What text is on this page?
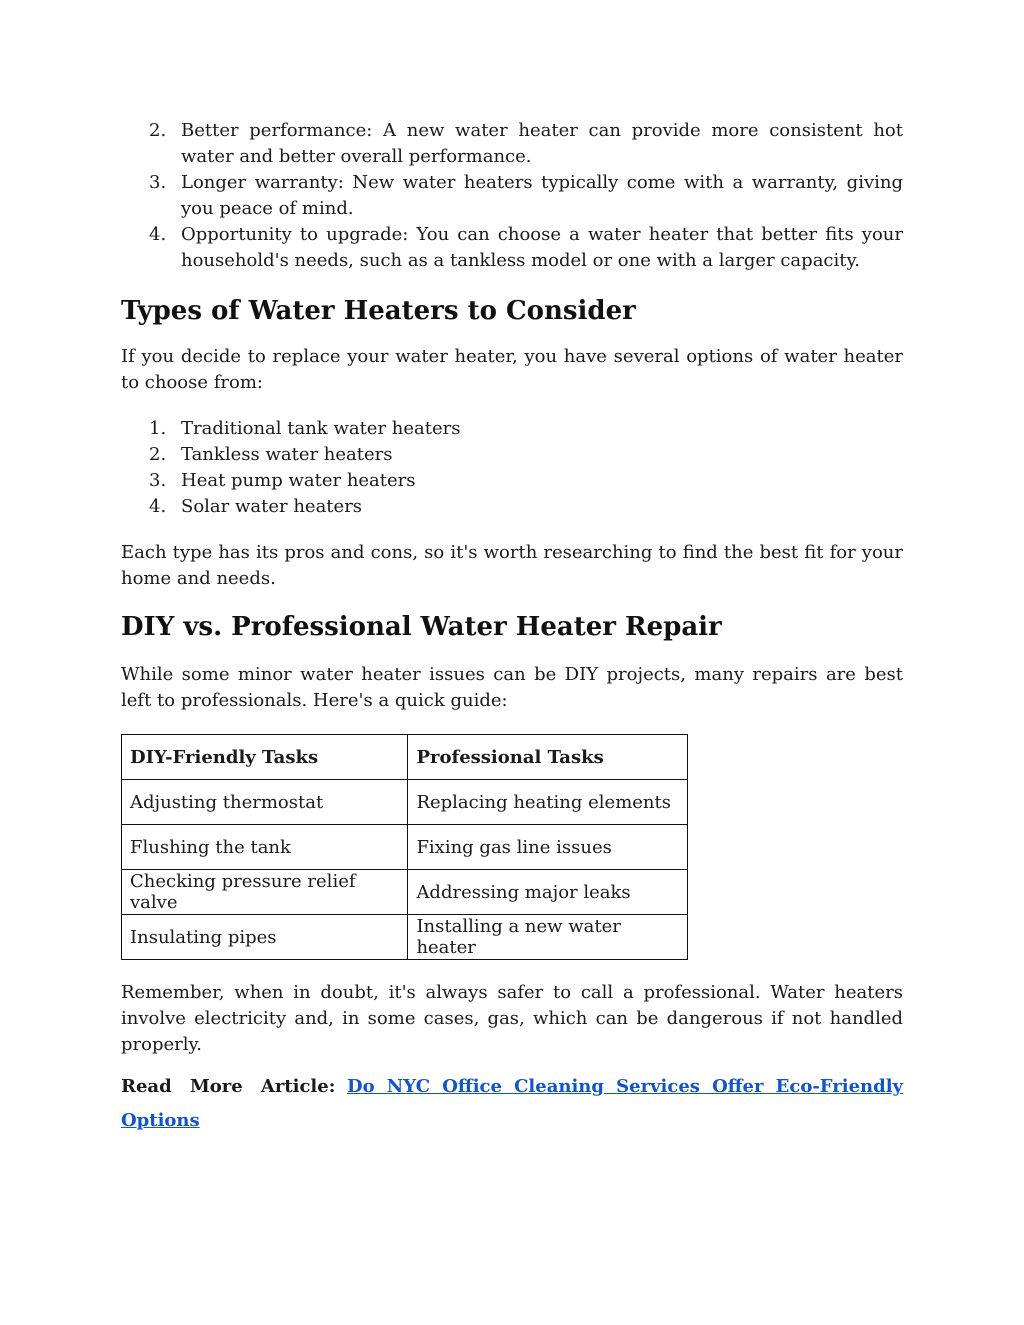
2. Better performance: A new water heater can provide more consistent hot water and better overall performance.
3. Longer warranty: New water heaters typically come with a warranty, giving you peace of mind.
4. Opportunity to upgrade: You can choose a water heater that better fits your household's needs, such as a tankless model or one with a larger capacity.
Types of Water Heaters to Consider

If you decide to replace your water heater, you have several options of water heater to choose from:

1. Traditional tank water heaters
2. Tankless water heaters
3. Heat pump water heaters
4. Solar water heaters

Each type has its pros and cons, so it's worth researching to find the best fit for your home and needs.

DIY vs. Professional Water Heater Repair

While some minor water heater issues can be DIY projects, many repairs are best left to professionals. Here's a quick guide:

DIY-Friendly Tasks	Professional Tasks
Adjusting thermostat	Replacing heating elements
Flushing the tank	Fixing gas line issues
Checking pressure relief valve	Addressing major leaks
Insulating pipes	Installing a new water heater

Remember, when in doubt, it's always safer to call a professional. Water heaters involve electricity and, in some cases, gas, which can be dangerous if not handled properly.

Read More Article: Do NYC Office Cleaning Services Offer Eco-Friendly Options
